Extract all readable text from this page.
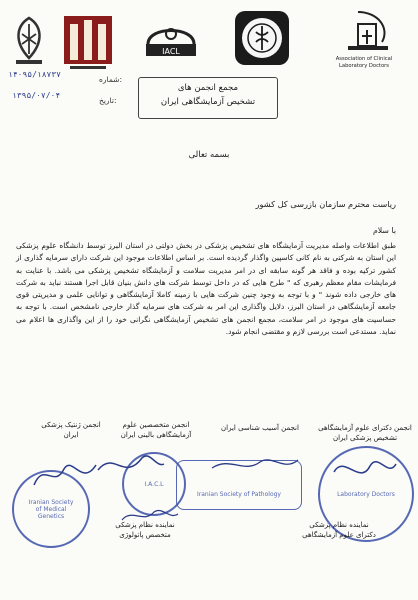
IACL
Association of Clinical
Laboratory Doctors
شماره:
۱۴۰۹۵/۱۸۷۳۷
تاریخ:
۱۳۹۵/۰۷/۰۴
مجمع انجمن های
تشخیص آزمایشگاهی ایران
بسمه تعالی
ریاست محترم سازمان بازرسی کل کشور
با سلام
طبق اطلاعات واصله مدیریت آزمایشگاه های تشخیص پزشکی در بخش دولتی در استان البرز توسط دانشگاه علوم پزشکی این استان به شرکتی به نام کانی کاسپین واگذار گردیده است. بر اساس اطلاعات موجود این شرکت دارای سرمایه گذاری از کشور ترکیه بوده و فاقد هر گونه سابقه ای در امر مدیریت سلامت و آزمایشگاه تشخیص پزشکی می باشد. با عنایت به فرمایشات مقام معظم رهبری که " طرح هایی که در داخل توسط شرکت های دانش بنیان قابل اجرا هستند نباید به شرکت های خارجی داده شوند " و با توجه به وجود چنین شرکت هایی با زمینه کاملا آزمایشگاهی و توانایی علمی و مدیریتی قوی جامعه آزمایشگاهی در استان البرز، دلایل واگذاری این امر به شرکت های سرمایه گذار خارجی نامشخص است. با توجه به حساسیت های موجود در امر سلامت، مجمع انجمن های تشخیص آزمایشگاهی نگرانی خود را از این واگذاری ها اعلام می نماید. مستدعی است بررسی لازم و مقتضی انجام شود.
انجمن دکترای علوم آزمایشگاهی
تشخیص پزشکی ایران
انجمن آسیب شناسی ایران
انجمن متخصصین علوم
آزمایشگاهی بالینی ایران
انجمن ژنتیک پزشکی
ایران
Iranian Society of Medical Genetics
I.A.C.L
Iranian Society of Pathology	Laboratory Doctors
نماینده نظام پزشکی
دکترای علوم آزمایشگاهی
نماینده نظام پزشکی
متخصص پاتولوژی
